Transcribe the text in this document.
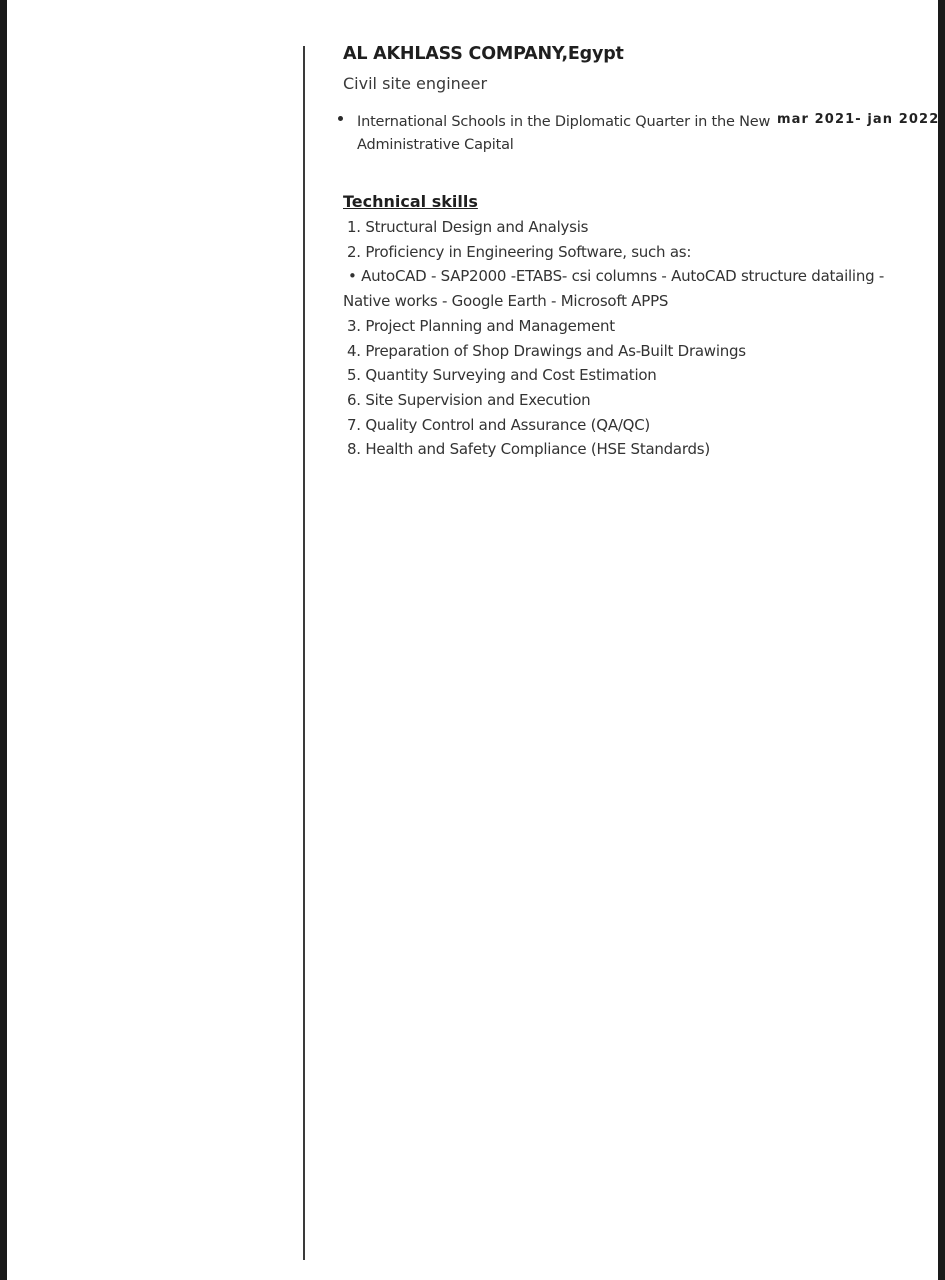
AL AKHLASS COMPANY,Egypt
Civil site engineer
International Schools in the Diplomatic Quarter in the New Administrative Capital
mar 2021- jan 2022
Technical skills
1. Structural Design and Analysis
2. Proficiency in Engineering Software, such as:
• AutoCAD - SAP2000 -ETABS- csi columns - AutoCAD structure datailing -
Native works - Google Earth - Microsoft APPS
3. Project Planning and Management
4. Preparation of Shop Drawings and As-Built Drawings
5. Quantity Surveying and Cost Estimation
6. Site Supervision and Execution
7. Quality Control and Assurance (QA/QC)
8. Health and Safety Compliance (HSE Standards)
